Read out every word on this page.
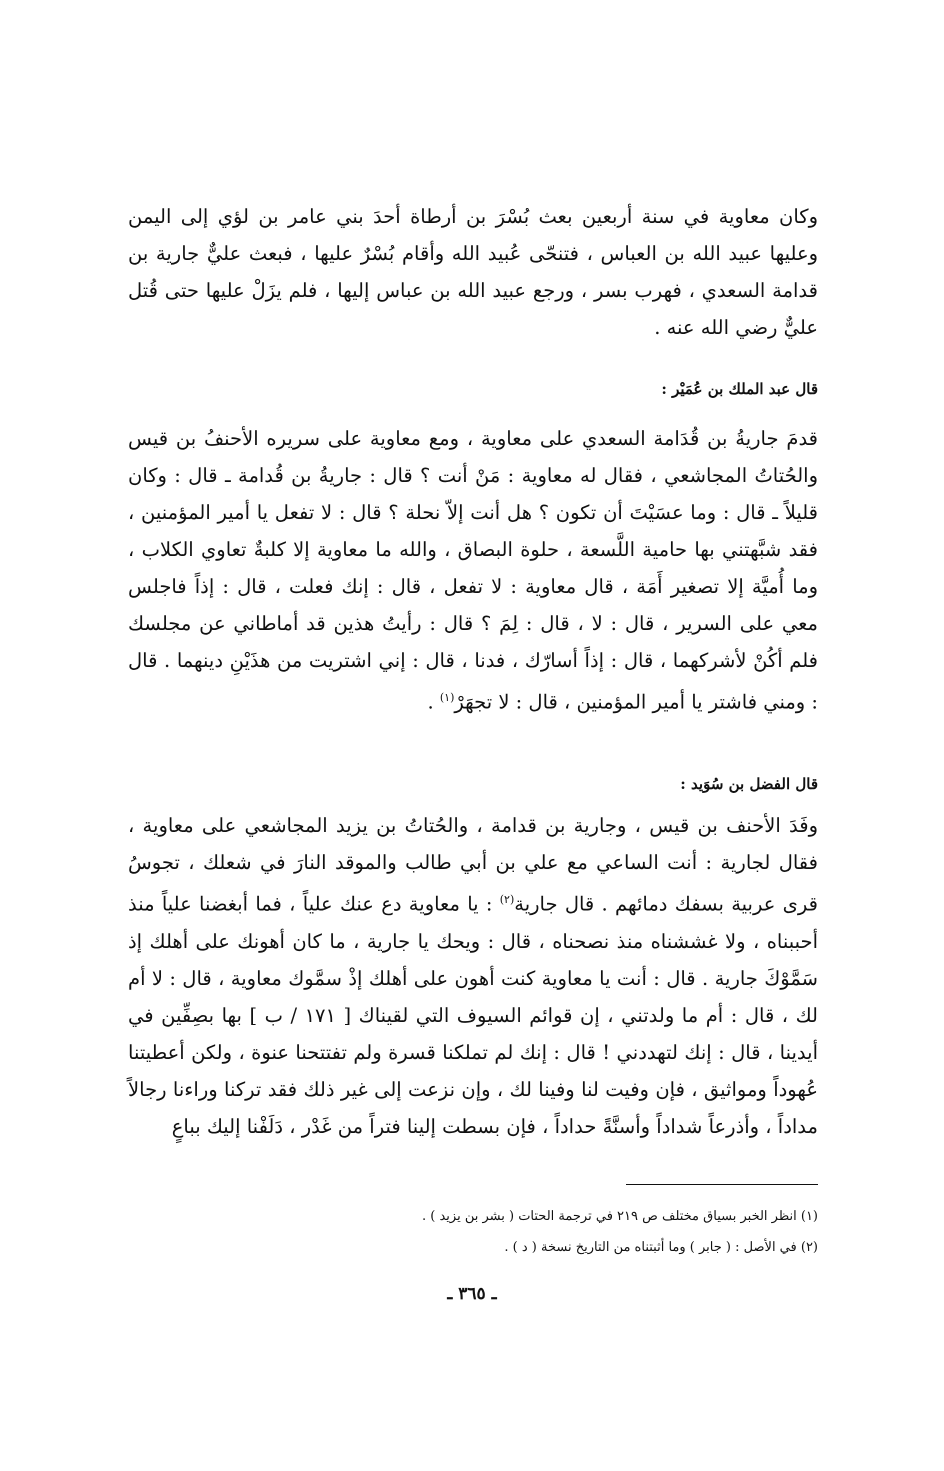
وكان معاوية في سنة أربعين بعث بُسْرَ بن أرطاة أحدَ بني عامر بن لؤي إلى اليمن وعليها عبيد الله بن العباس ، فتنحّى عُبيد الله وأقام بُسْرٌ عليها ، فبعث عليٌّ جارية بن قدامة السعدي ، فهرب بسر ، ورجع عبيد الله بن عباس إليها ، فلم يزَلْ عليها حتى قُتل عليٌّ رضي الله عنه .

قال عبد الملك بن عُمَيْر :

قدمَ جاريةُ بن قُدَامة السعدي على معاوية ، ومع معاوية على سريره الأحنفُ بن قيس والحُتاتُ المجاشعي ، فقال له معاوية : مَنْ أنت ؟ قال : جاريةُ بن قُدامة ـ قال : وكان قليلاً ـ قال : وما عسَيْتَ أن تكون ؟ هل أنت إلاّ نحلة ؟ قال : لا تفعل يا أمير المؤمنين ، فقد شبَّهتني بها حامية اللَّسعة ، حلوة البصاق ، والله ما معاوية إلا كلبةٌ تعاوي الكلاب ، وما أُميَّة إلا تصغير أَمَة ، قال معاوية : لا تفعل ، قال : إنك فعلت ، قال : إذاً فاجلس معي على السرير ، قال : لا ، قال : لِمَ ؟ قال : رأيتُ هذين قد أماطاني عن مجلسك فلم أكُنْ لأشركهما ، قال : إذاً أسارّك ، فدنا ، قال : إني اشتريت من هذَيْنِ دينهما . قال : ومني فاشتر يا أمير المؤمنين ، قال : لا تجهَرْ$^{(١)}$ .

قال الفضل بن سُوَيد :

وفَدَ الأحنف بن قيس ، وجارية بن قدامة ، والحُتاتُ بن يزيد المجاشعي على معاوية ، فقال لجارية : أنت الساعي مع علي بن أبي طالب والموقد النارَ في شعلك ، تجوسُ قرى عربية بسفك دمائهم . قال جارية$^{(٢)}$ : يا معاوية دع عنك علياً ، فما أبغضنا علياً منذ أحببناه ، ولا غششناه منذ نصحناه ، قال : ويحك يا جارية ، ما كان أهونك على أهلك إذ سَمَّوْكَ جارية . قال : أنت يا معاوية كنت أهون على أهلك إذْ سمَّوك معاوية ، قال : لا أم لك ، قال : أم ما ولدتني ، إن قوائم السيوف التي لقيناك [ ١٧١ / ب ] بها بصِفِّين في أيدينا ، قال : إنك لتهددني ! قال : إنك لم تملكنا قسرة ولم تفتتحنا عنوة ، ولكن أعطيتنا عُهوداً ومواثيق ، فإن وفيت لنا وفينا لك ، وإن نزعت إلى غير ذلك فقد تركنا وراءنا رجالاً مداداً ، وأذرعاً شداداً وأسنَّةً حداداً ، فإن بسطت إلينا فتراً من غَدْر ، دَلَفْنا إليك بباعٍ

(١) انظر الخبر بسياق مختلف ص ٢١٩ في ترجمة الحتات ( بشر بن يزيد ) .

(٢) في الأصل : ( جابر ) وما أثبتناه من التاريخ نسخة ( د ) .

ـ ٣٦٥ ـ
